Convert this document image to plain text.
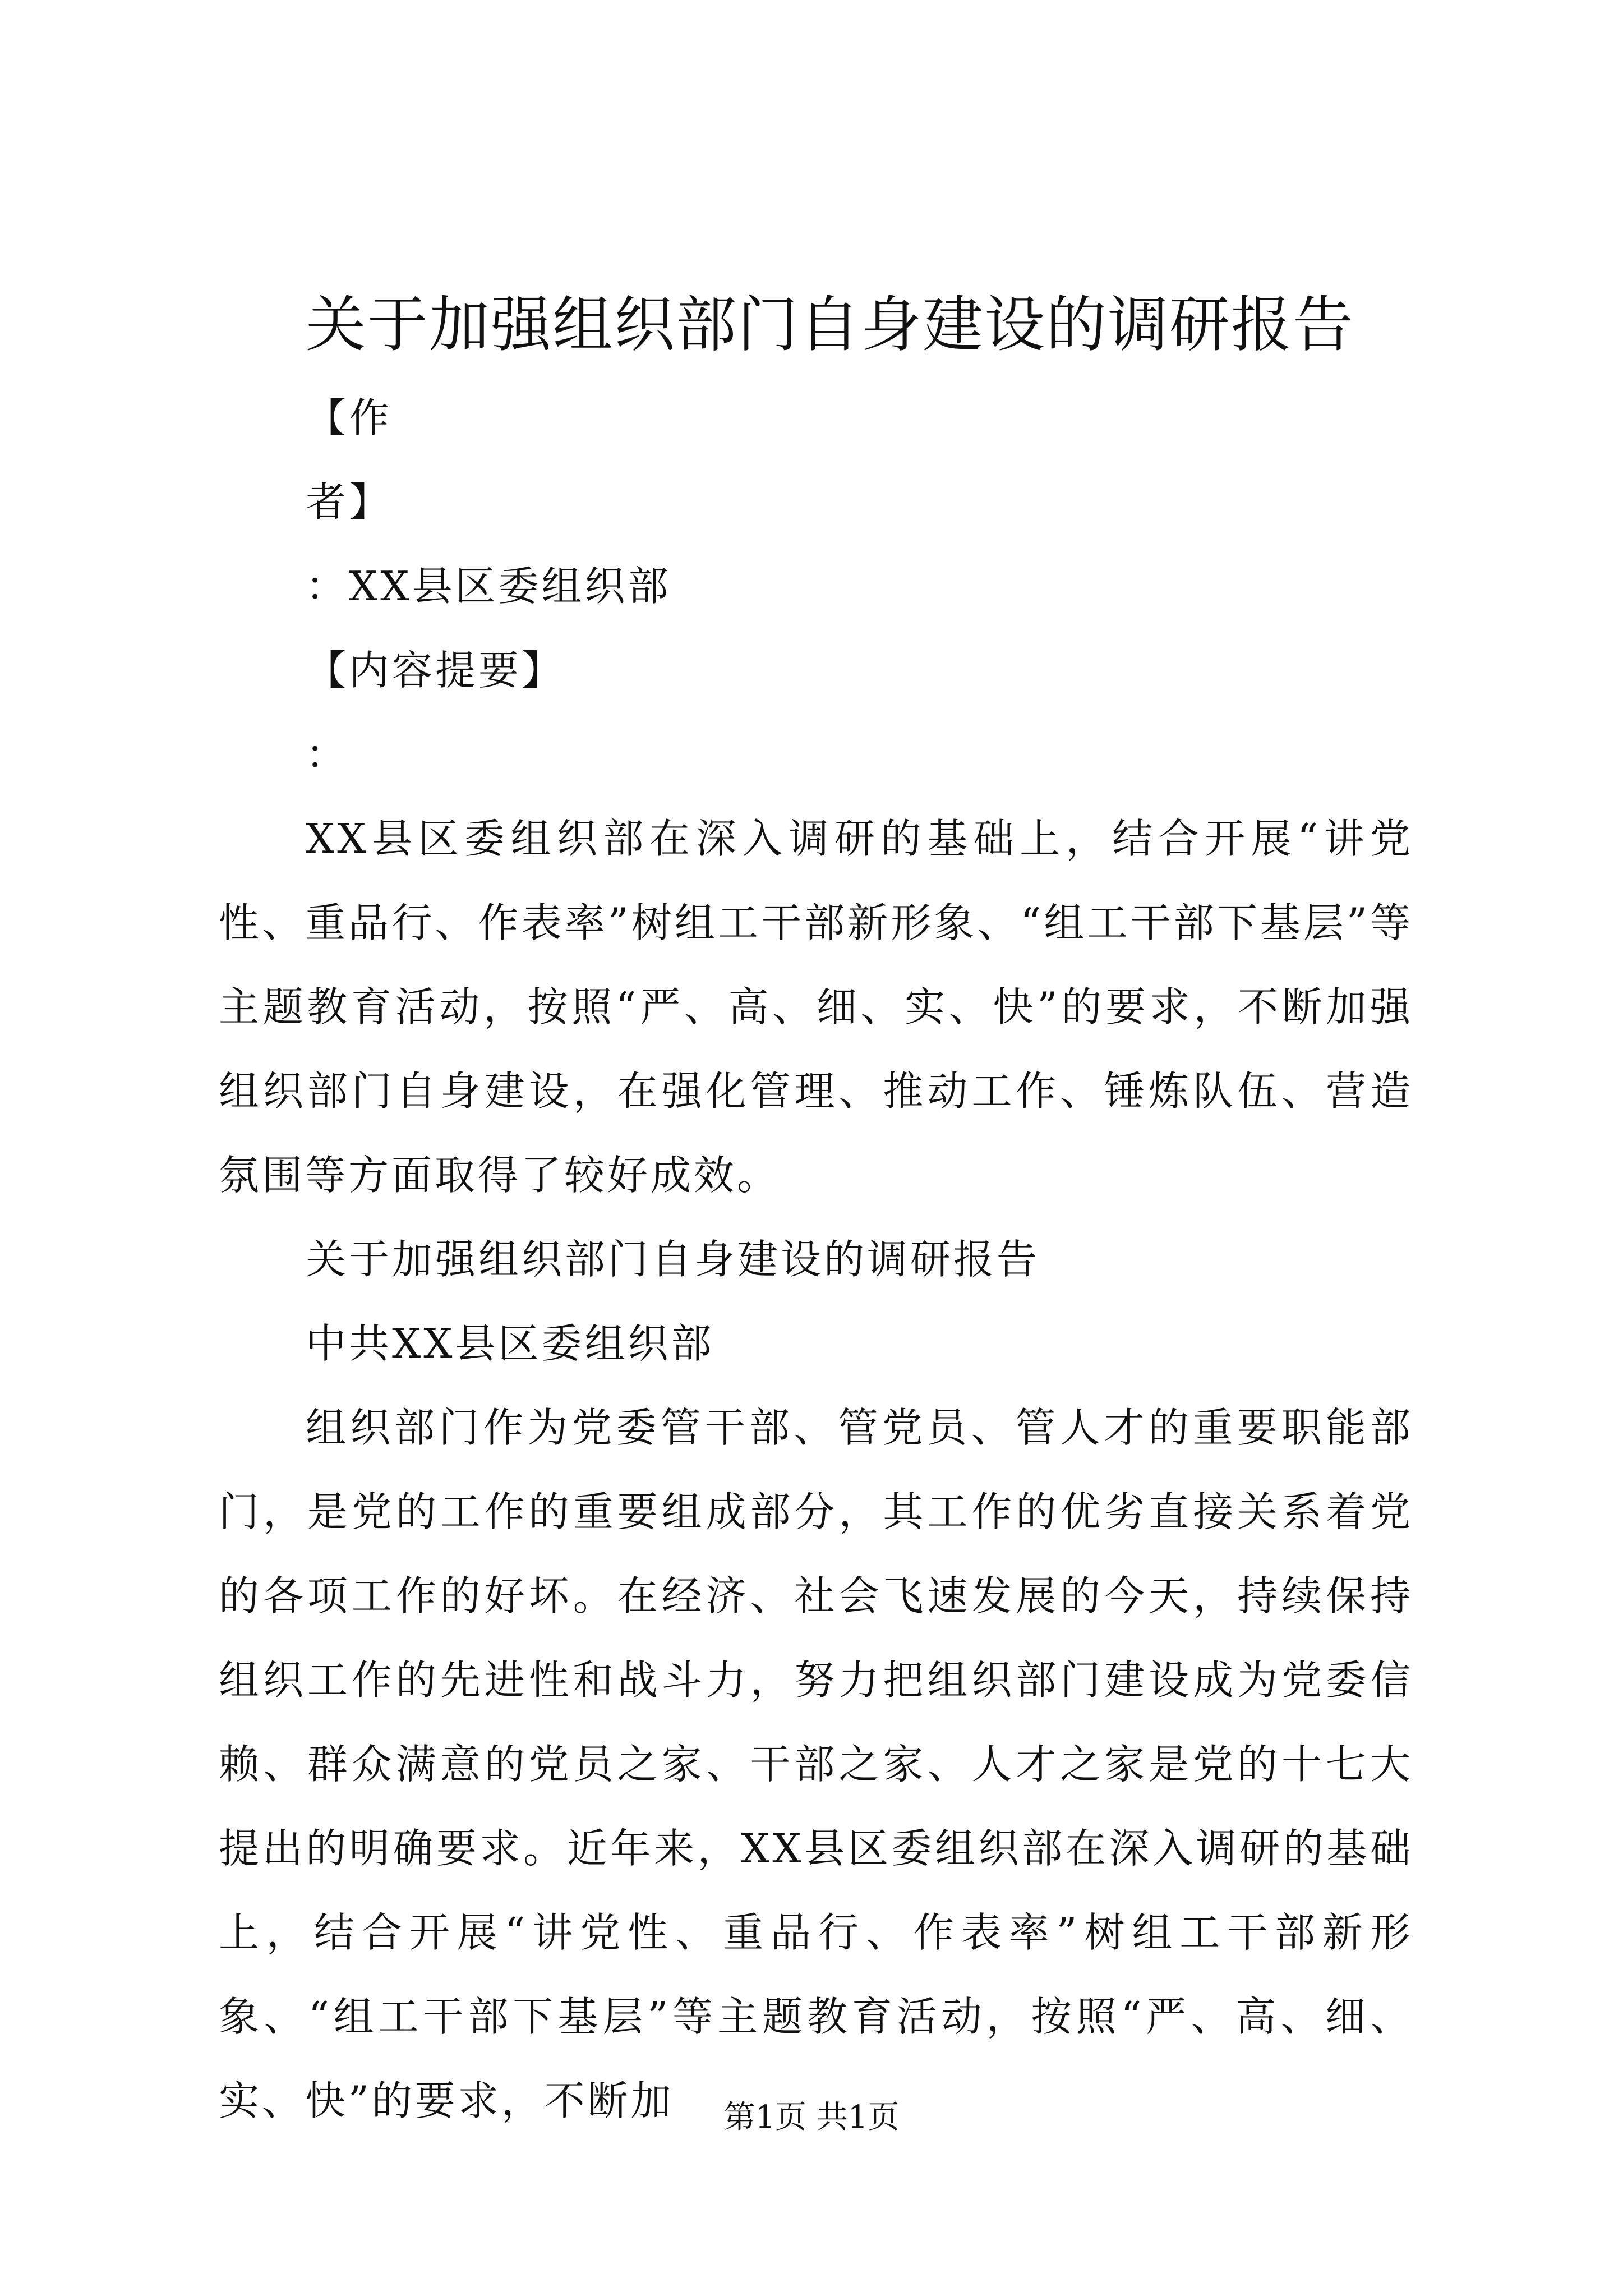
关于加强组织部门自身建设的调研报告
【作
者】
：XX县区委组织部
【内容提要】
：

XX县区委组织部在深入调研的基础上，结合开展“讲党性、重品行、作表率”树组工干部新形象、“组工干部下基层”等主题教育活动，按照“严、高、细、实、快”的要求，不断加强组织部门自身建设，在强化管理、推动工作、锤炼队伍、营造氛围等方面取得了较好成效。

关于加强组织部门自身建设的调研报告
中共XX县区委组织部

组织部门作为党委管干部、管党员、管人才的重要职能部门，是党的工作的重要组成部分，其工作的优劣直接关系着党的各项工作的好坏。在经济、社会飞速发展的今天，持续保持组织工作的先进性和战斗力，努力把组织部门建设成为党委信赖、群众满意的党员之家、干部之家、人才之家是党的十七大提出的明确要求。近年来，XX县区委组织部在深入调研的基础上，结合开展“讲党性、重品行、作表率”树组工干部新形象、“组工干部下基层”等主题教育活动，按照“严、高、细、实、快”的要求，不断加	第1页 共1页
